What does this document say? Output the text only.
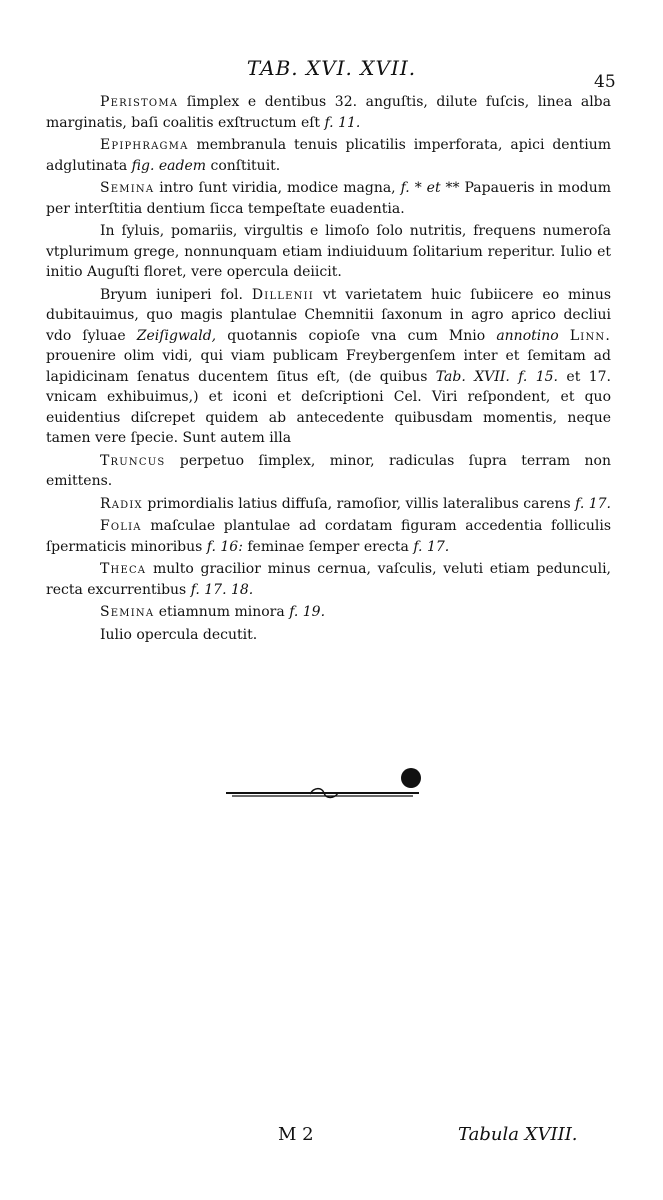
TAB. XVI. XVII.
45

Peristoma ſimplex e dentibus 32. anguſtis, dilute fuſcis, linea alba marginatis, baſi coalitis exſtructum eſt f. 11.

Epiphragma membranula tenuis plicatilis imperforata, apici dentium adglutinata fig. eadem conſtituit.

Semina intro ſunt viridia, modice magna, f. * et ** Papaueris in modum per interſtitia dentium ſicca tempeſtate euadentia.

In ſyluis, pomariis, virgultis e limoſo ſolo nutritis, frequens numeroſa vtplurimum grege, nonnunquam etiam indiuiduum ſolitarium reperitur. Iulio et initio Auguſti floret, vere opercula deiicit.

Bryum iuniperi fol. Dillenii vt varietatem huic ſubiicere eo minus dubitauimus, quo magis plantulae Chemnitii ſaxonum in agro aprico decliui vdo ſyluae Zeiſigwald, quotannis copioſe vna cum Mnio annotino Linn. prouenire olim vidi, qui viam publicam Freybergenſem inter et ſemitam ad lapidicinam ſenatus ducentem ſitus eſt, (de quibus Tab. XVII. f. 15. et 17. vnicam exhibuimus,) et iconi et deſcriptioni Cel. Viri reſpondent, et quo euidentius diſcrepet quidem ab antecedente quibusdam momentis, neque tamen vere ſpecie. Sunt autem illa

Truncus perpetuo ſimplex, minor, radiculas ſupra terram non emittens.

Radix primordialis latius diffuſa, ramoſior, villis lateralibus carens f. 17.

Folia maſculae plantulae ad cordatam figuram accedentia folliculis ſpermaticis minoribus f. 16: feminae ſemper erecta f. 17.

Theca multo gracilior minus cernua, vaſculis, veluti etiam pedunculi, recta excurrentibus f. 17. 18.

Semina etiamnum minora f. 19.

Iulio opercula decutit.

M 2	Tabula XVIII.
